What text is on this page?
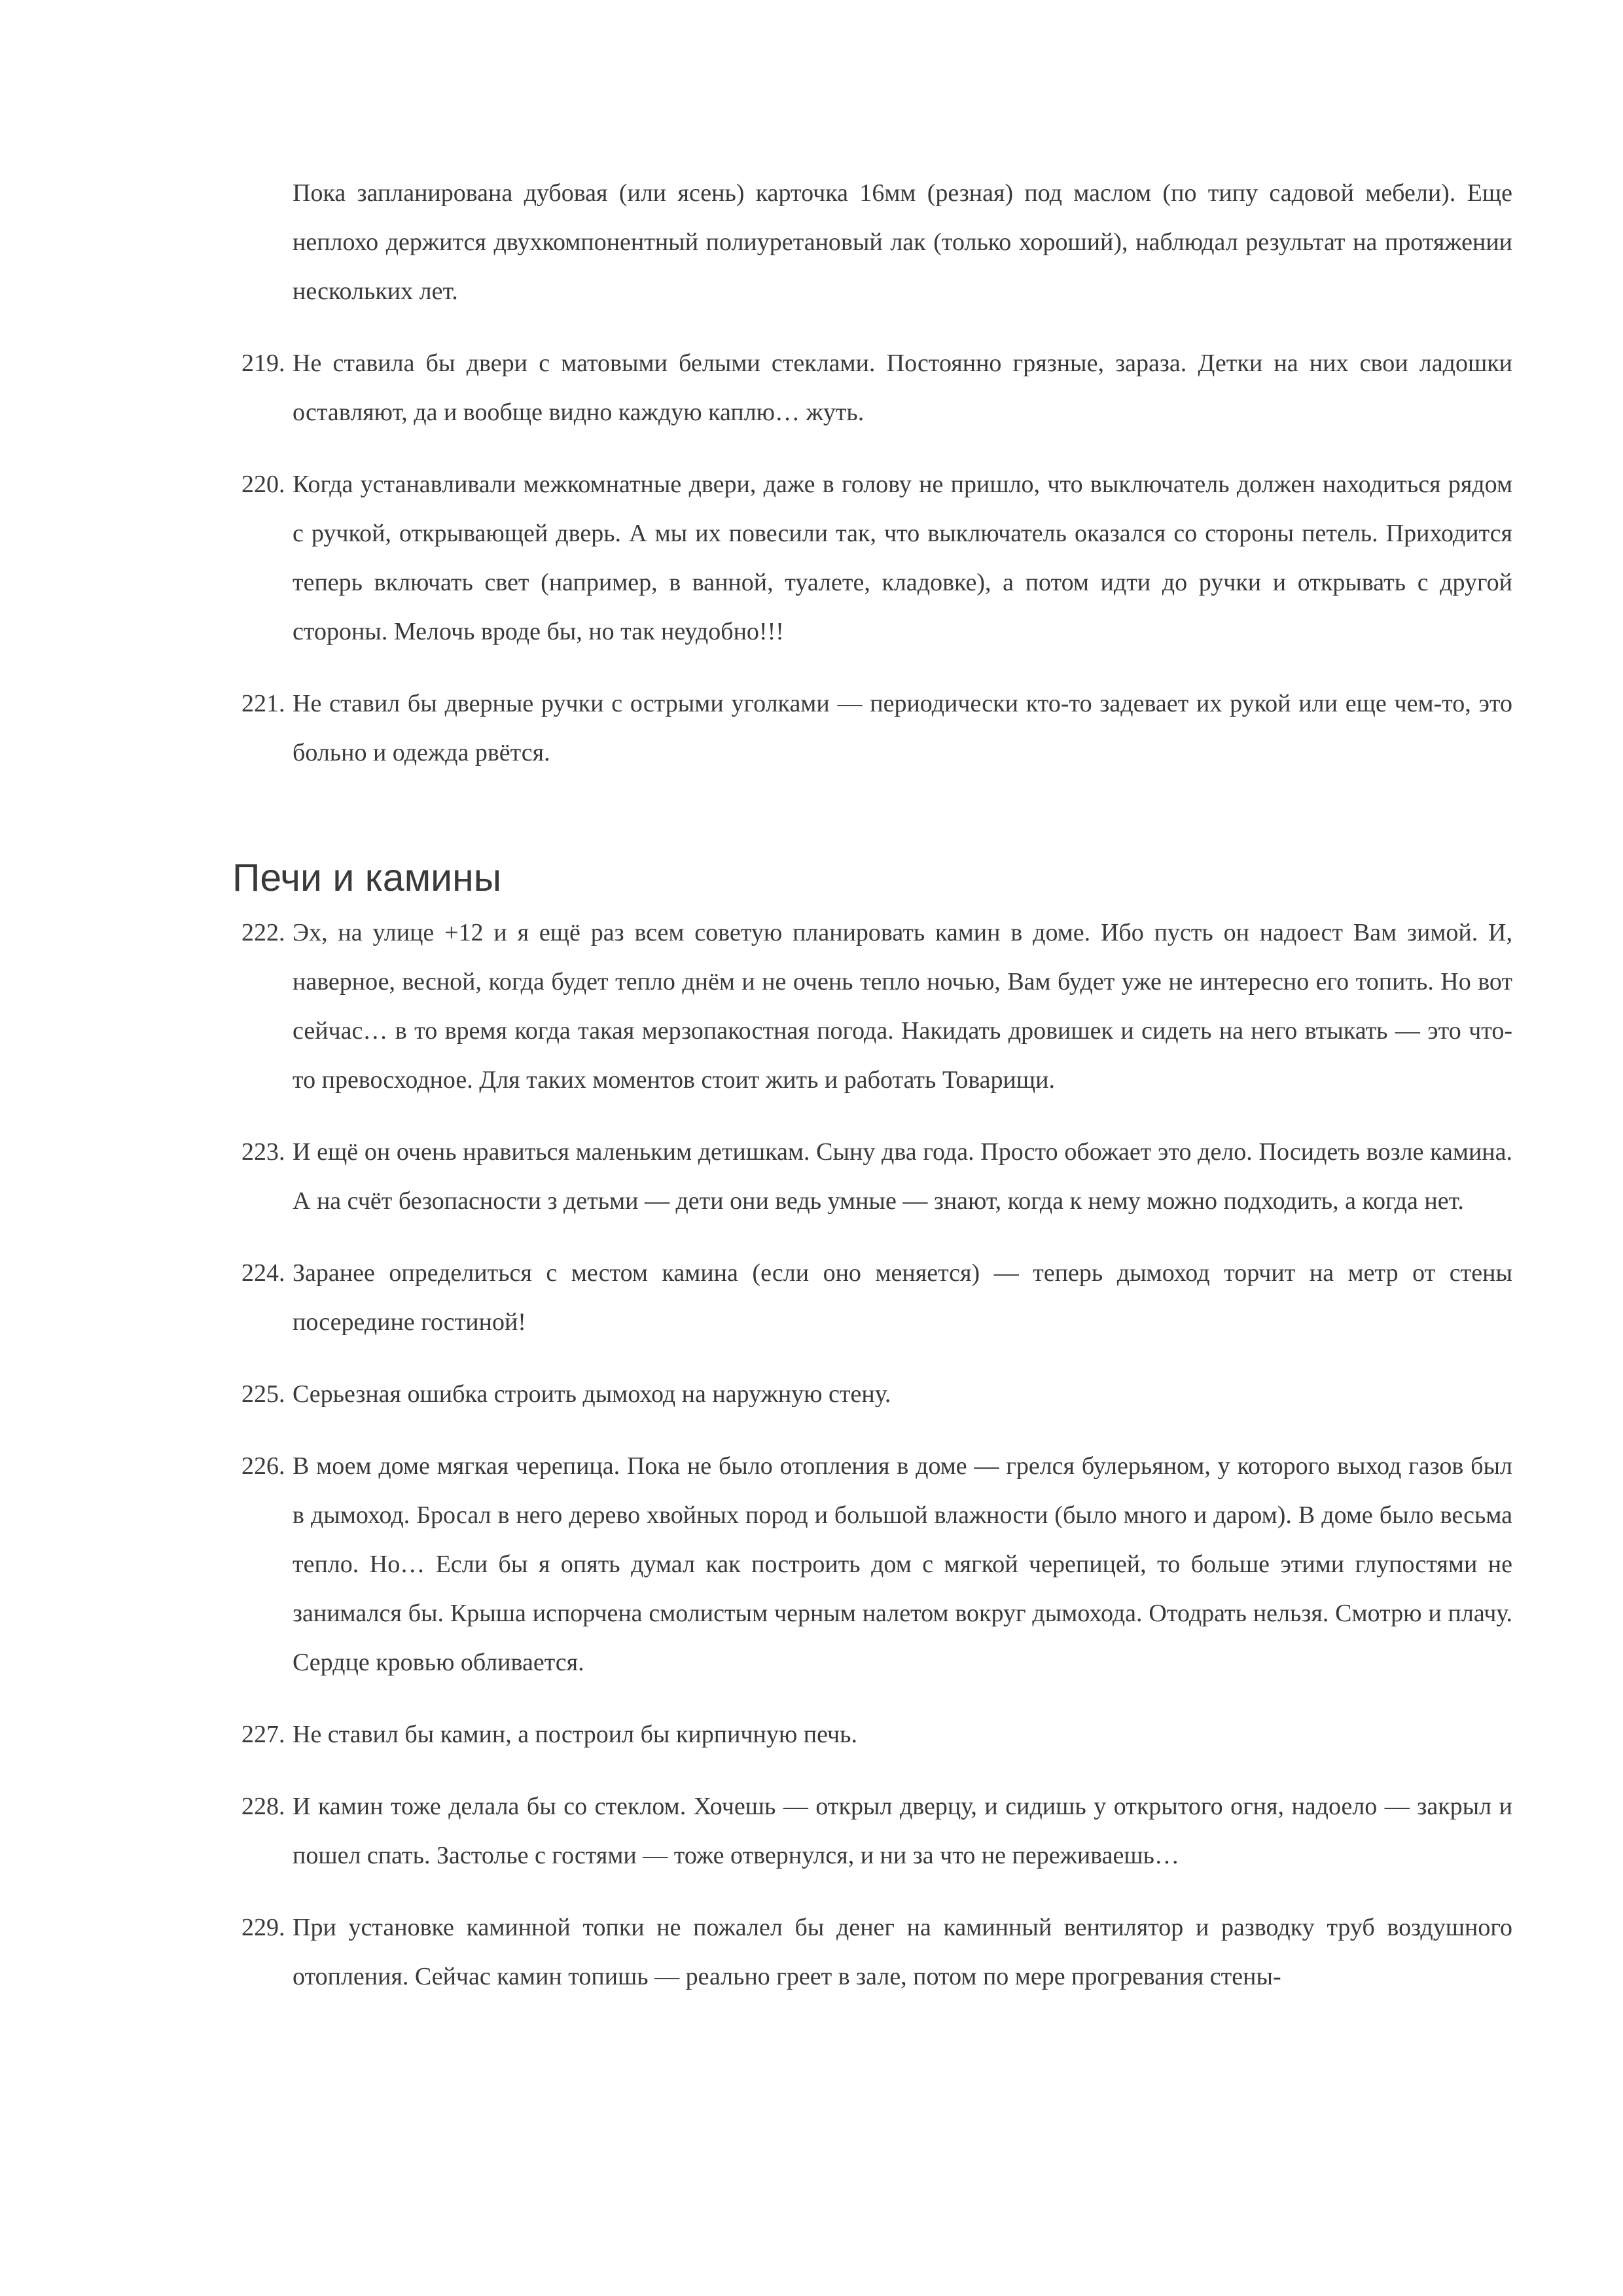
Пока запланирована дубовая (или ясень) карточка 16мм (резная) под маслом (по типу садовой мебели). Еще неплохо держится двухкомпонентный полиуретановый лак (только хороший), наблюдал результат на протяжении нескольких лет.
219. Не ставила бы двери с матовыми белыми стеклами. Постоянно грязные, зараза. Детки на них свои ладошки оставляют, да и вообще видно каждую каплю… жуть.
220. Когда устанавливали межкомнатные двери, даже в голову не пришло, что выключатель должен находиться рядом с ручкой, открывающей дверь. А мы их повесили так, что выключатель оказался со стороны петель. Приходится теперь включать свет (например, в ванной, туалете, кладовке), а потом идти до ручки и открывать с другой стороны. Мелочь вроде бы, но так неудобно!!!
221. Не ставил бы дверные ручки с острыми уголками — периодически кто-то задевает их рукой или еще чем-то, это больно и одежда рвётся.
Печи и камины
222. Эх, на улице +12 и я ещё раз всем советую планировать камин в доме. Ибо пусть он надоест Вам зимой. И, наверное, весной, когда будет тепло днём и не очень тепло ночью, Вам будет уже не интересно его топить. Но вот сейчас… в то время когда такая мерзопакостная погода. Накидать дровишек и сидеть на него втыкать — это что-то превосходное. Для таких моментов стоит жить и работать Товарищи.
223. И ещё он очень нравиться маленьким детишкам. Сыну два года. Просто обожает это дело. Посидеть возле камина. А на счёт безопасности з детьми — дети они ведь умные — знают, когда к нему можно подходить, а когда нет.
224. Заранее определиться с местом камина (если оно меняется) — теперь дымоход торчит на метр от стены посередине гостиной!
225. Серьезная ошибка строить дымоход на наружную стену.
226. В моем доме мягкая черепица. Пока не было отопления в доме — грелся булерьяном, у которого выход газов был в дымоход. Бросал в него дерево хвойных пород и большой влажности (было много и даром). В доме было весьма тепло. Но… Если бы я опять думал как построить дом с мягкой черепицей, то больше этими глупостями не занимался бы. Крыша испорчена смолистым черным налетом вокруг дымохода. Отодрать нельзя. Смотрю и плачу. Сердце кровью обливается.
227. Не ставил бы камин, а построил бы кирпичную печь.
228. И камин тоже делала бы со стеклом. Хочешь — открыл дверцу, и сидишь у открытого огня, надоело — закрыл и пошел спать. Застолье с гостями — тоже отвернулся, и ни за что не переживаешь…
229. При установке каминной топки не пожалел бы денег на каминный вентилятор и разводку труб воздушного отопления. Сейчас камин топишь — реально греет в зале, потом по мере прогревания стены-
